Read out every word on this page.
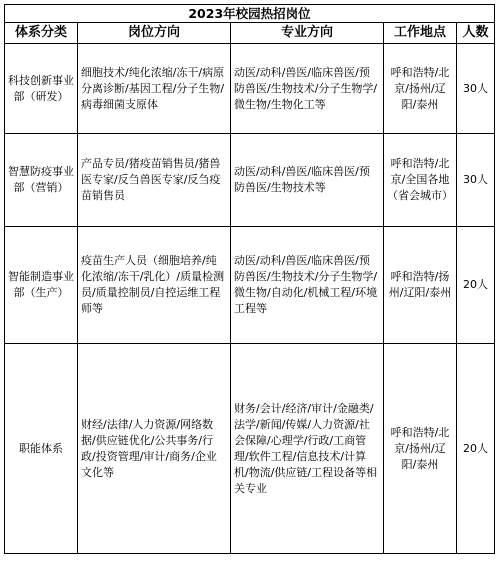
2023年校园热招岗位				
体系分类	岗位方向	专业方向	工作地点	人数
科技创新事业部（研发）	细胞技术/纯化浓缩/冻干/病原分离诊断/基因工程/分子生物/病毒细菌支原体	动医/动科/兽医/临床兽医/预防兽医/生物技术/分子生物学/微生物/生物化工等	呼和浩特/北京/扬州/辽阳/泰州	30人
智慧防疫事业部（营销）	产品专员/猪疫苗销售员/猪兽医专家/反刍兽医专家/反刍疫苗销售员	动医/动科/兽医/临床兽医/预防兽医/生物技术等	呼和浩特/北京/全国各地（省会城市）	30人
智能制造事业部（生产）	疫苗生产人员（细胞培养/纯化浓缩/冻干/乳化）/质量检测员/质量控制员/自控运维工程师等	动医/动科/兽医/临床兽医/预防兽医/生物技术/分子生物学/微生物/自动化/机械工程/环境工程等	呼和浩特/扬州/辽阳/泰州	20人
职能体系	财经/法律/人力资源/网络数据/供应链优化/公共事务/行政/投资管理/审计/商务/企业文化等	财务/会计/经济/审计/金融类/法学/新闻/传媒/人力资源/社会保障/心理学/行政/工商管理/软件工程/信息技术/计算机/物流/供应链/工程设备等相关专业	呼和浩特/北京/扬州/辽阳/泰州	20人
